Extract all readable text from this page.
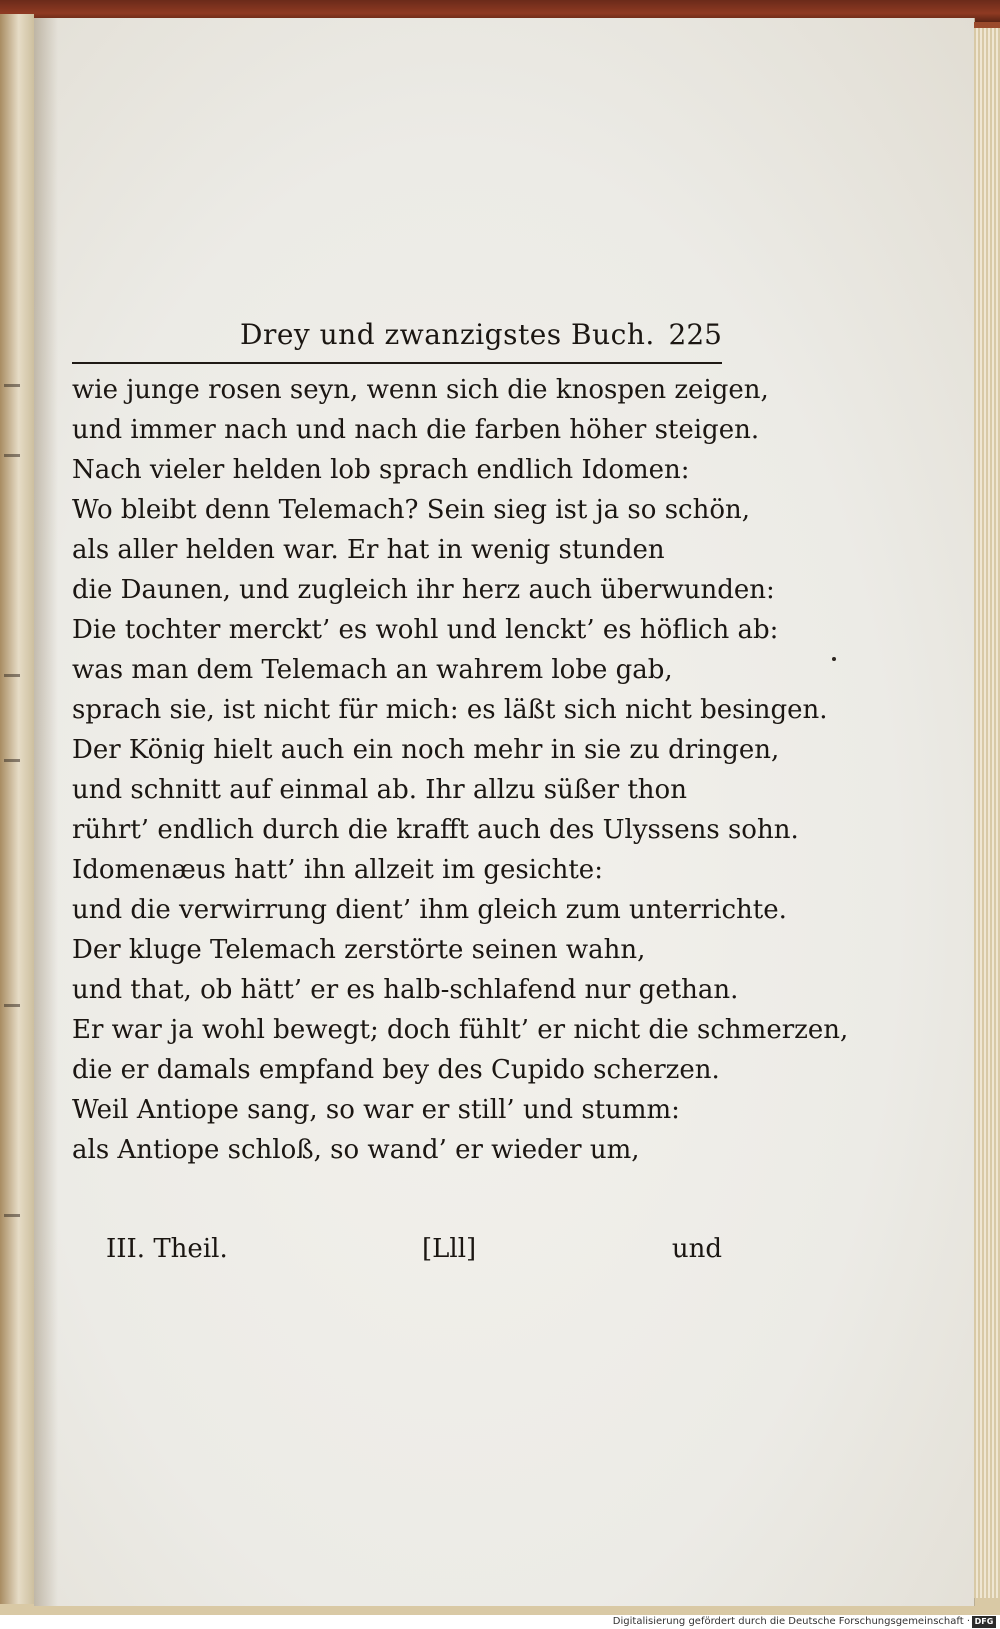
Drey und zwanzigstes Buch. 225
wie junge rosen seyn, wenn sich die knospen zeigen,
und immer nach und nach die farben höher steigen.
Nach vieler helden lob sprach endlich Idomen:
Wo bleibt denn Telemach? Sein sieg ist ja so schön,
als aller helden war. Er hat in wenig stunden
die Daunen, und zugleich ihr herz auch überwunden:
Die tochter merckt’ es wohl und lenckt’ es höflich ab:
was man dem Telemach an wahrem lobe gab,
sprach sie, ist nicht für mich: es läßt sich nicht besingen.
Der König hielt auch ein noch mehr in sie zu dringen,
und schnitt auf einmal ab. Ihr allzu süßer thon
rührt’ endlich durch die krafft auch des Ulyssens sohn.
Idomenæus hatt’ ihn allzeit im gesichte:
und die verwirrung dient’ ihm gleich zum unterrichte.
Der kluge Telemach zerstörte seinen wahn,
und that, ob hätt’ er es halb-schlafend nur gethan.
Er war ja wohl bewegt; doch fühlt’ er nicht die schmerzen,
die er damals empfand bey des Cupido scherzen.
Weil Antiope sang, so war er still’ und stumm:
als Antiope schloß, so wand’ er wieder um,
III. Theil.	[Lll]	und
Digitalisierung gefördert durch die Deutsche Forschungsgemeinschaft · DFG
